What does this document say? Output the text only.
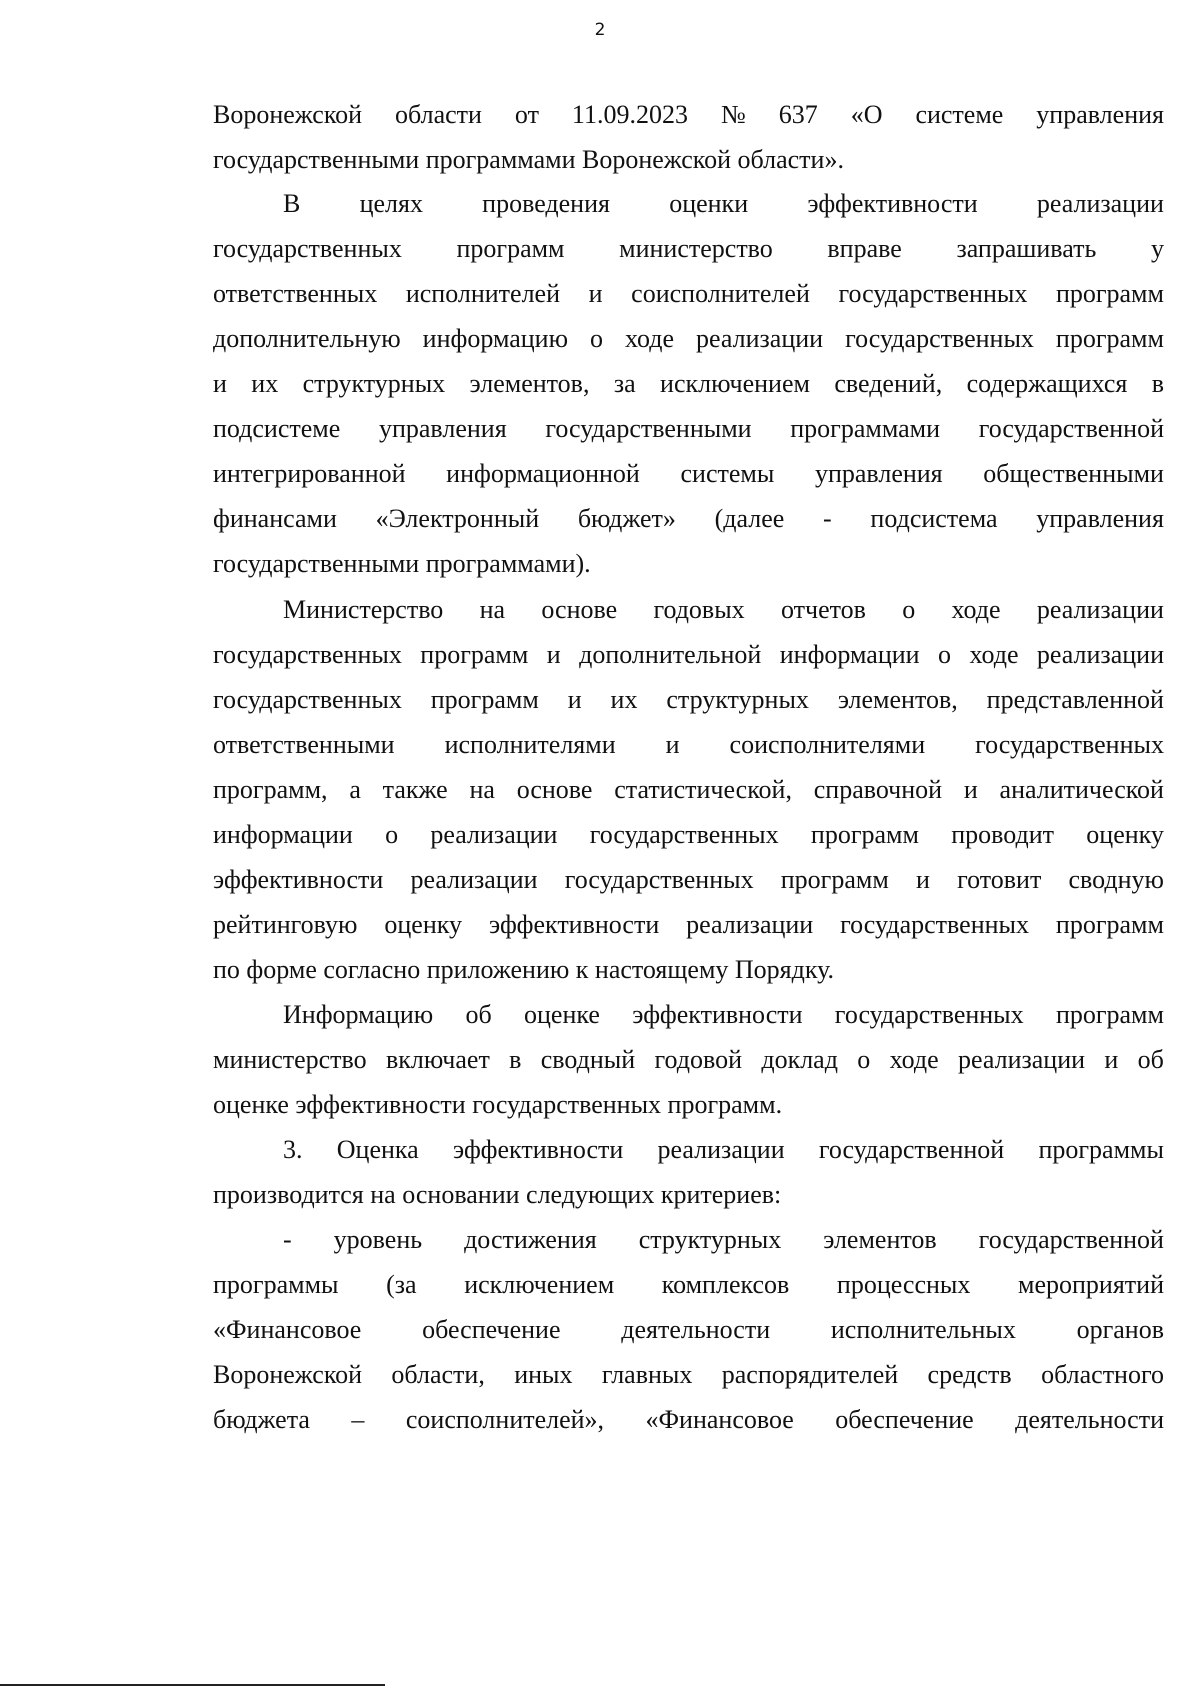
2
Воронежской области от 11.09.2023 № 637 «О системе управления
государственными программами Воронежской области».
В целях проведения оценки эффективности реализации
государственных программ министерство вправе запрашивать у
ответственных исполнителей и соисполнителей государственных программ
дополнительную информацию о ходе реализации государственных программ
и их структурных элементов, за исключением сведений, содержащихся в
подсистеме управления государственными программами государственной
интегрированной информационной системы управления общественными
финансами «Электронный бюджет» (далее - подсистема управления
государственными программами).
Министерство на основе годовых отчетов о ходе реализации
государственных программ и дополнительной информации о ходе реализации
государственных программ и их структурных элементов, представленной
ответственными исполнителями и соисполнителями государственных
программ, а также на основе статистической, справочной и аналитической
информации о реализации государственных программ проводит оценку
эффективности реализации государственных программ и готовит сводную
рейтинговую оценку эффективности реализации государственных программ
по форме согласно приложению к настоящему Порядку.
Информацию об оценке эффективности государственных программ
министерство включает в сводный годовой доклад о ходе реализации и об
оценке эффективности государственных программ.
3. Оценка эффективности реализации государственной программы
производится на основании следующих критериев:
- уровень достижения структурных элементов государственной
программы (за исключением комплексов процессных мероприятий
«Финансовое обеспечение деятельности исполнительных органов
Воронежской области, иных главных распорядителей средств областного
бюджета – соисполнителей», «Финансовое обеспечение деятельности
